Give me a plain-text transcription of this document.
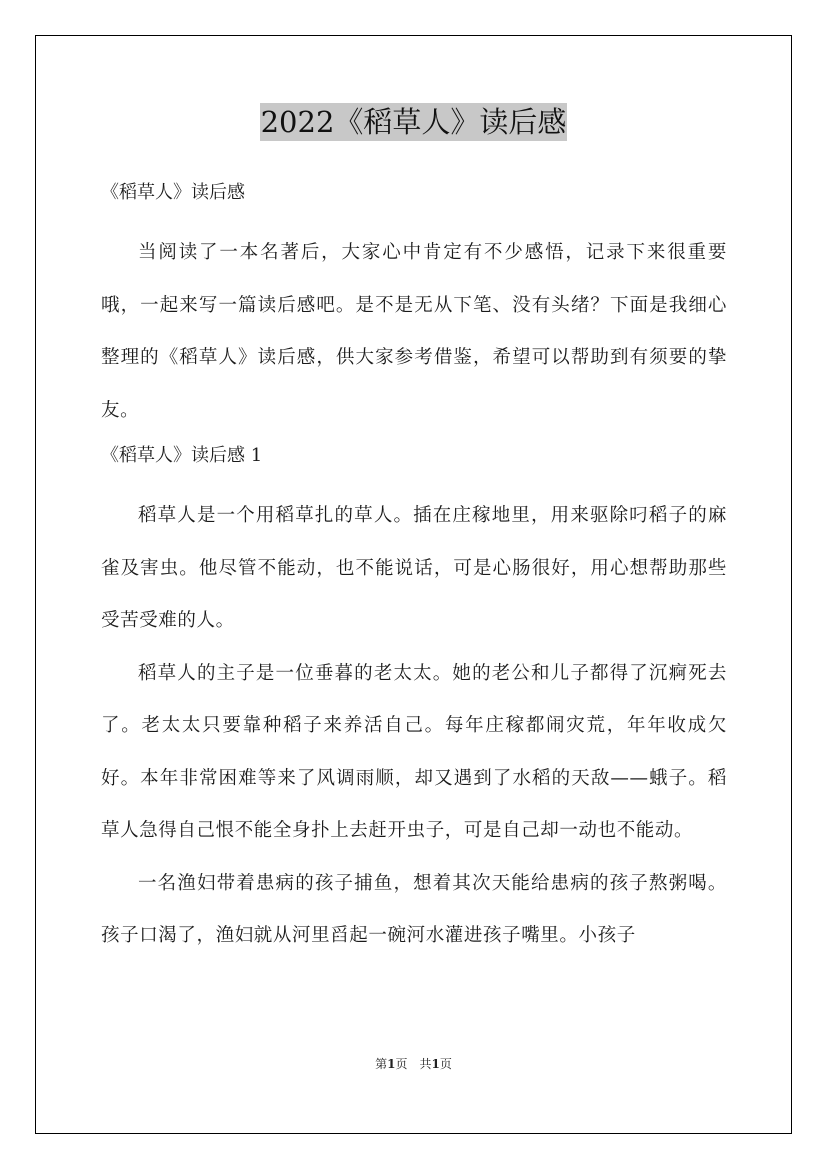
2022《稻草人》读后感
《稻草人》读后感

当阅读了一本名著后，大家心中肯定有不少感悟，记录下来很重要哦，一起来写一篇读后感吧。是不是无从下笔、没有头绪？下面是我细心整理的《稻草人》读后感，供大家参考借鉴，希望可以帮助到有须要的挚友。

《稻草人》读后感 1

稻草人是一个用稻草扎的草人。插在庄稼地里，用来驱除叼稻子的麻雀及害虫。他尽管不能动，也不能说话，可是心肠很好，用心想帮助那些受苦受难的人。

稻草人的主子是一位垂暮的老太太。她的老公和儿子都得了沉痾死去了。老太太只要靠种稻子来养活自己。每年庄稼都闹灾荒，年年收成欠好。本年非常困难等来了风调雨顺，却又遇到了水稻的天敌——蛾子。稻草人急得自己恨不能全身扑上去赶开虫子，可是自己却一动也不能动。

一名渔妇带着患病的孩子捕鱼，想着其次天能给患病的孩子熬粥喝。孩子口渴了，渔妇就从河里舀起一碗河水灌进孩子嘴里。小孩子

第1页　共1页
